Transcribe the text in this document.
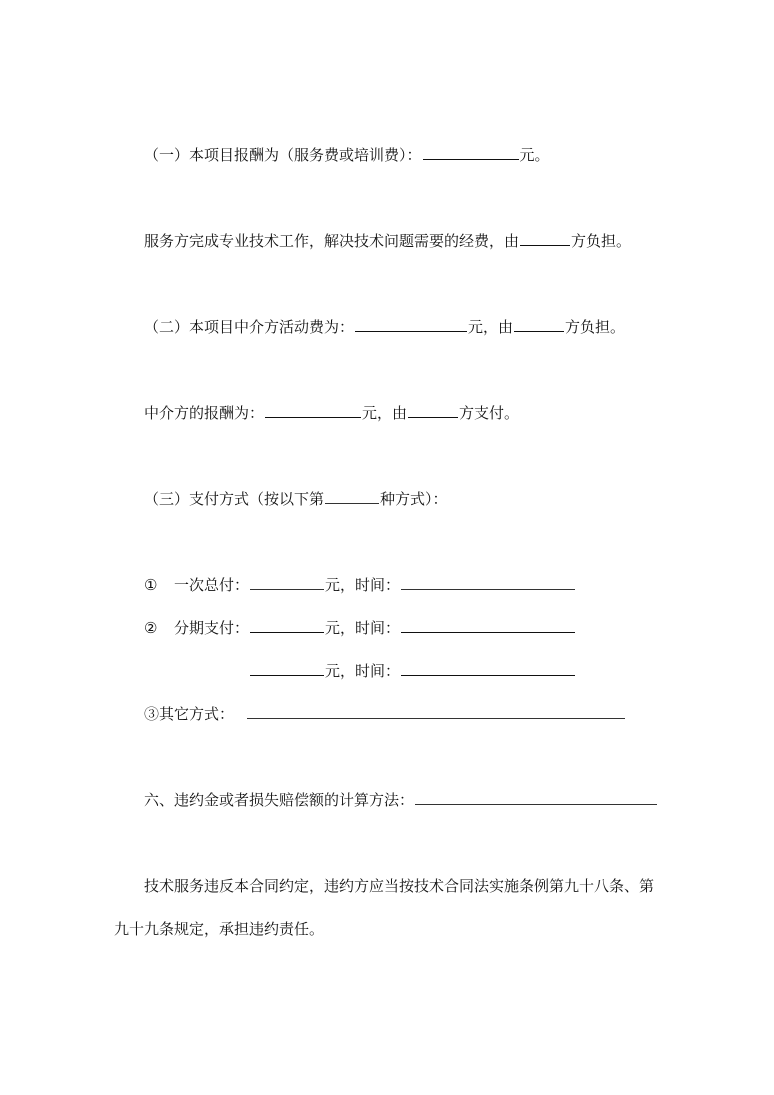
（一）本项目报酬为（服务费或培训费）：	元。
服务方完成专业技术工作，解决技术问题需要的经费，由	方负担。
（二）本项目中介方活动费为：	元，由	方负担。
中介方的报酬为：	元，由	方支付。
（三）支付方式（按以下第	种方式）：
① 一次总付：	元，时间：
② 分期支付：	元，时间：
元，时间：
③其它方式：
六、违约金或者损失赔偿额的计算方法：
技术服务违反本合同约定，违约方应当按技术合同法实施条例第九十八条、第
九十九条规定，承担违约责任。
